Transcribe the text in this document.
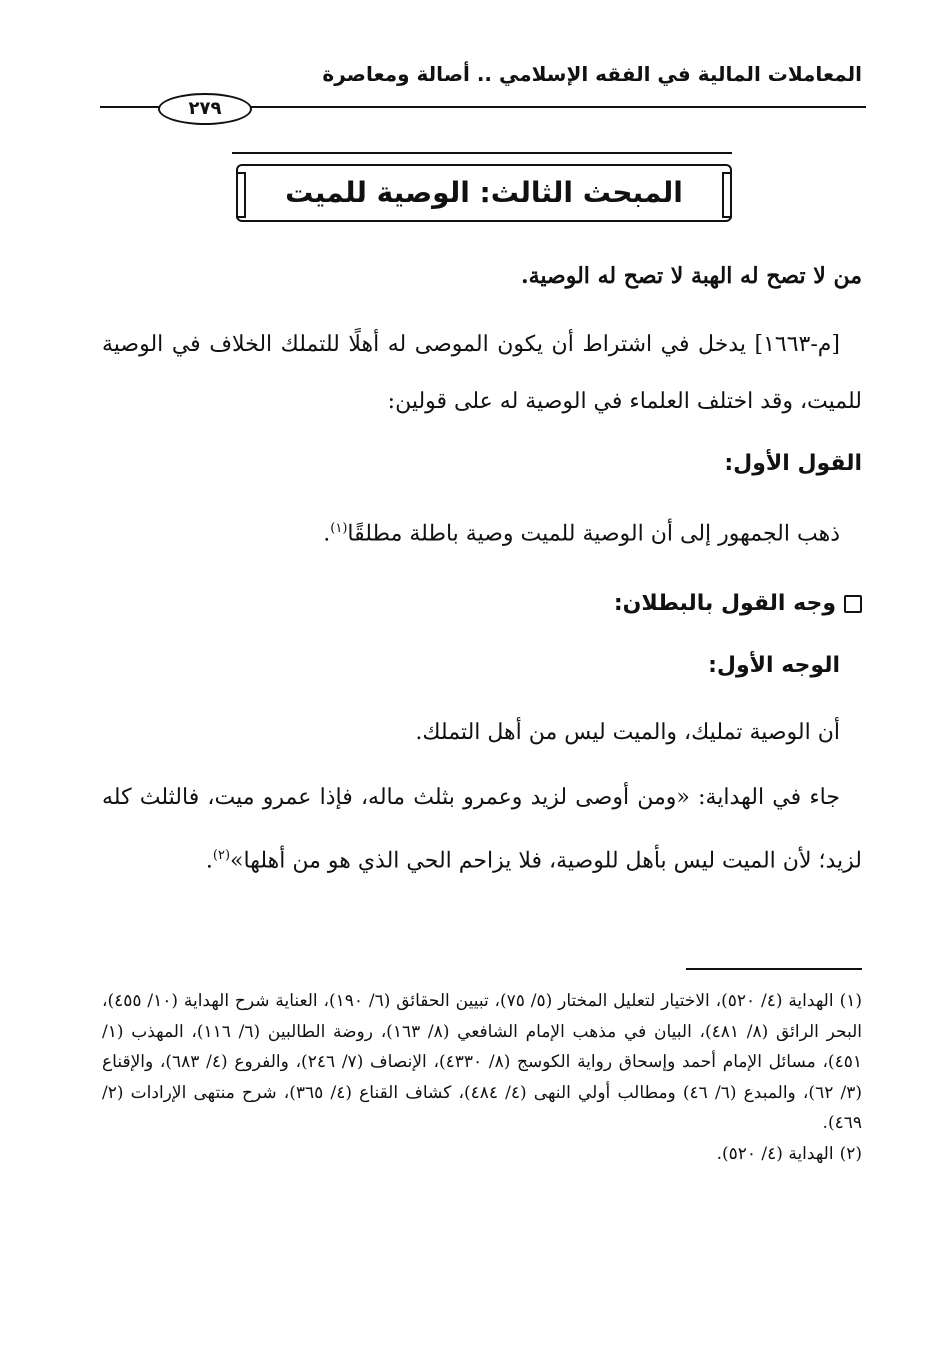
المعاملات المالية في الفقه الإسلامي .. أصالة ومعاصرة
٢٧٩
المبحث الثالث: الوصية للميت

من لا تصح له الهبة لا تصح له الوصية.

[م-١٦٦٣] يدخل في اشتراط أن يكون الموصى له أهلًا للتملك الخلاف في الوصية للميت، وقد اختلف العلماء في الوصية له على قولين:

القول الأول:

ذهب الجمهور إلى أن الوصية للميت وصية باطلة مطلقًا$^{(١)}$.

وجه القول بالبطلان:

الوجه الأول:

أن الوصية تمليك، والميت ليس من أهل التملك.

جاء في الهداية: «ومن أوصى لزيد وعمرو بثلث ماله، فإذا عمرو ميت، فالثلث كله لزيد؛ لأن الميت ليس بأهل للوصية، فلا يزاحم الحي الذي هو من أهلها»$^{(٢)}$.

(١)الهداية (٤/ ٥٢٠)، الاختيار لتعليل المختار (٥/ ٧٥)، تبيين الحقائق (٦/ ١٩٠)، العناية شرح الهداية (١٠/ ٤٥٥)، البحر الرائق (٨/ ٤٨١)، البيان في مذهب الإمام الشافعي (٨/ ١٦٣)، روضة الطالبين (٦/ ١١٦)، المهذب (١/ ٤٥١)، مسائل الإمام أحمد وإسحاق رواية الكوسج (٨/ ٤٣٣٠)، الإنصاف (٧/ ٢٤٦)، والفروع (٤/ ٦٨٣)، والإقناع (٣/ ٦٢)، والمبدع (٦/ ٤٦) ومطالب أولي النهى (٤/ ٤٨٤)، كشاف القناع (٤/ ٣٦٥)، شرح منتهى الإرادات (٢/ ٤٦٩).

(٢)الهداية (٤/ ٥٢٠).
